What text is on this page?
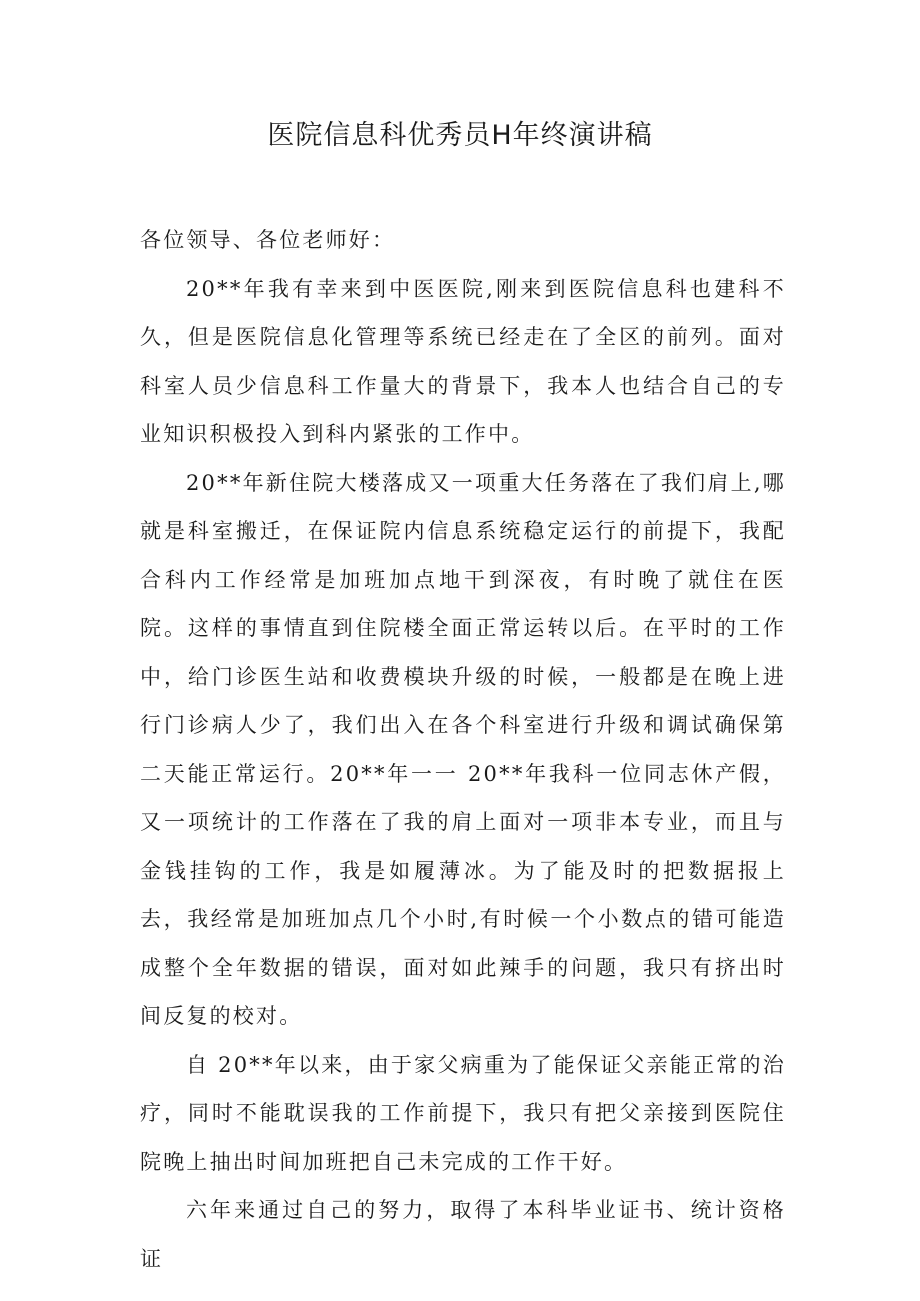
医院信息科优秀员H年终演讲稿

各位领导、各位老师好：

20**年我有幸来到中医医院,刚来到医院信息科也建科不久，但是医院信息化管理等系统已经走在了全区的前列。面对科室人员少信息科工作量大的背景下，我本人也结合自己的专业知识积极投入到科内紧张的工作中。

20**年新住院大楼落成又一项重大任务落在了我们肩上,哪就是科室搬迁，在保证院内信息系统稳定运行的前提下，我配合科内工作经常是加班加点地干到深夜，有时晚了就住在医院。这样的事情直到住院楼全面正常运转以后。在平时的工作中，给门诊医生站和收费模块升级的时候，一般都是在晚上进行门诊病人少了，我们出入在各个科室进行升级和调试确保第二天能正常运行。20**年一一 20**年我科一位同志休产假，又一项统计的工作落在了我的肩上面对一项非本专业，而且与金钱挂钩的工作，我是如履薄冰。为了能及时的把数据报上去，我经常是加班加点几个小时,有时候一个小数点的错可能造成整个全年数据的错误，面对如此辣手的问题，我只有挤出时间反复的校对。

自 20**年以来，由于家父病重为了能保证父亲能正常的治疗，同时不能耽误我的工作前提下，我只有把父亲接到医院住院晚上抽出时间加班把自己未完成的工作干好。

六年来通过自己的努力，取得了本科毕业证书、统计资格证
